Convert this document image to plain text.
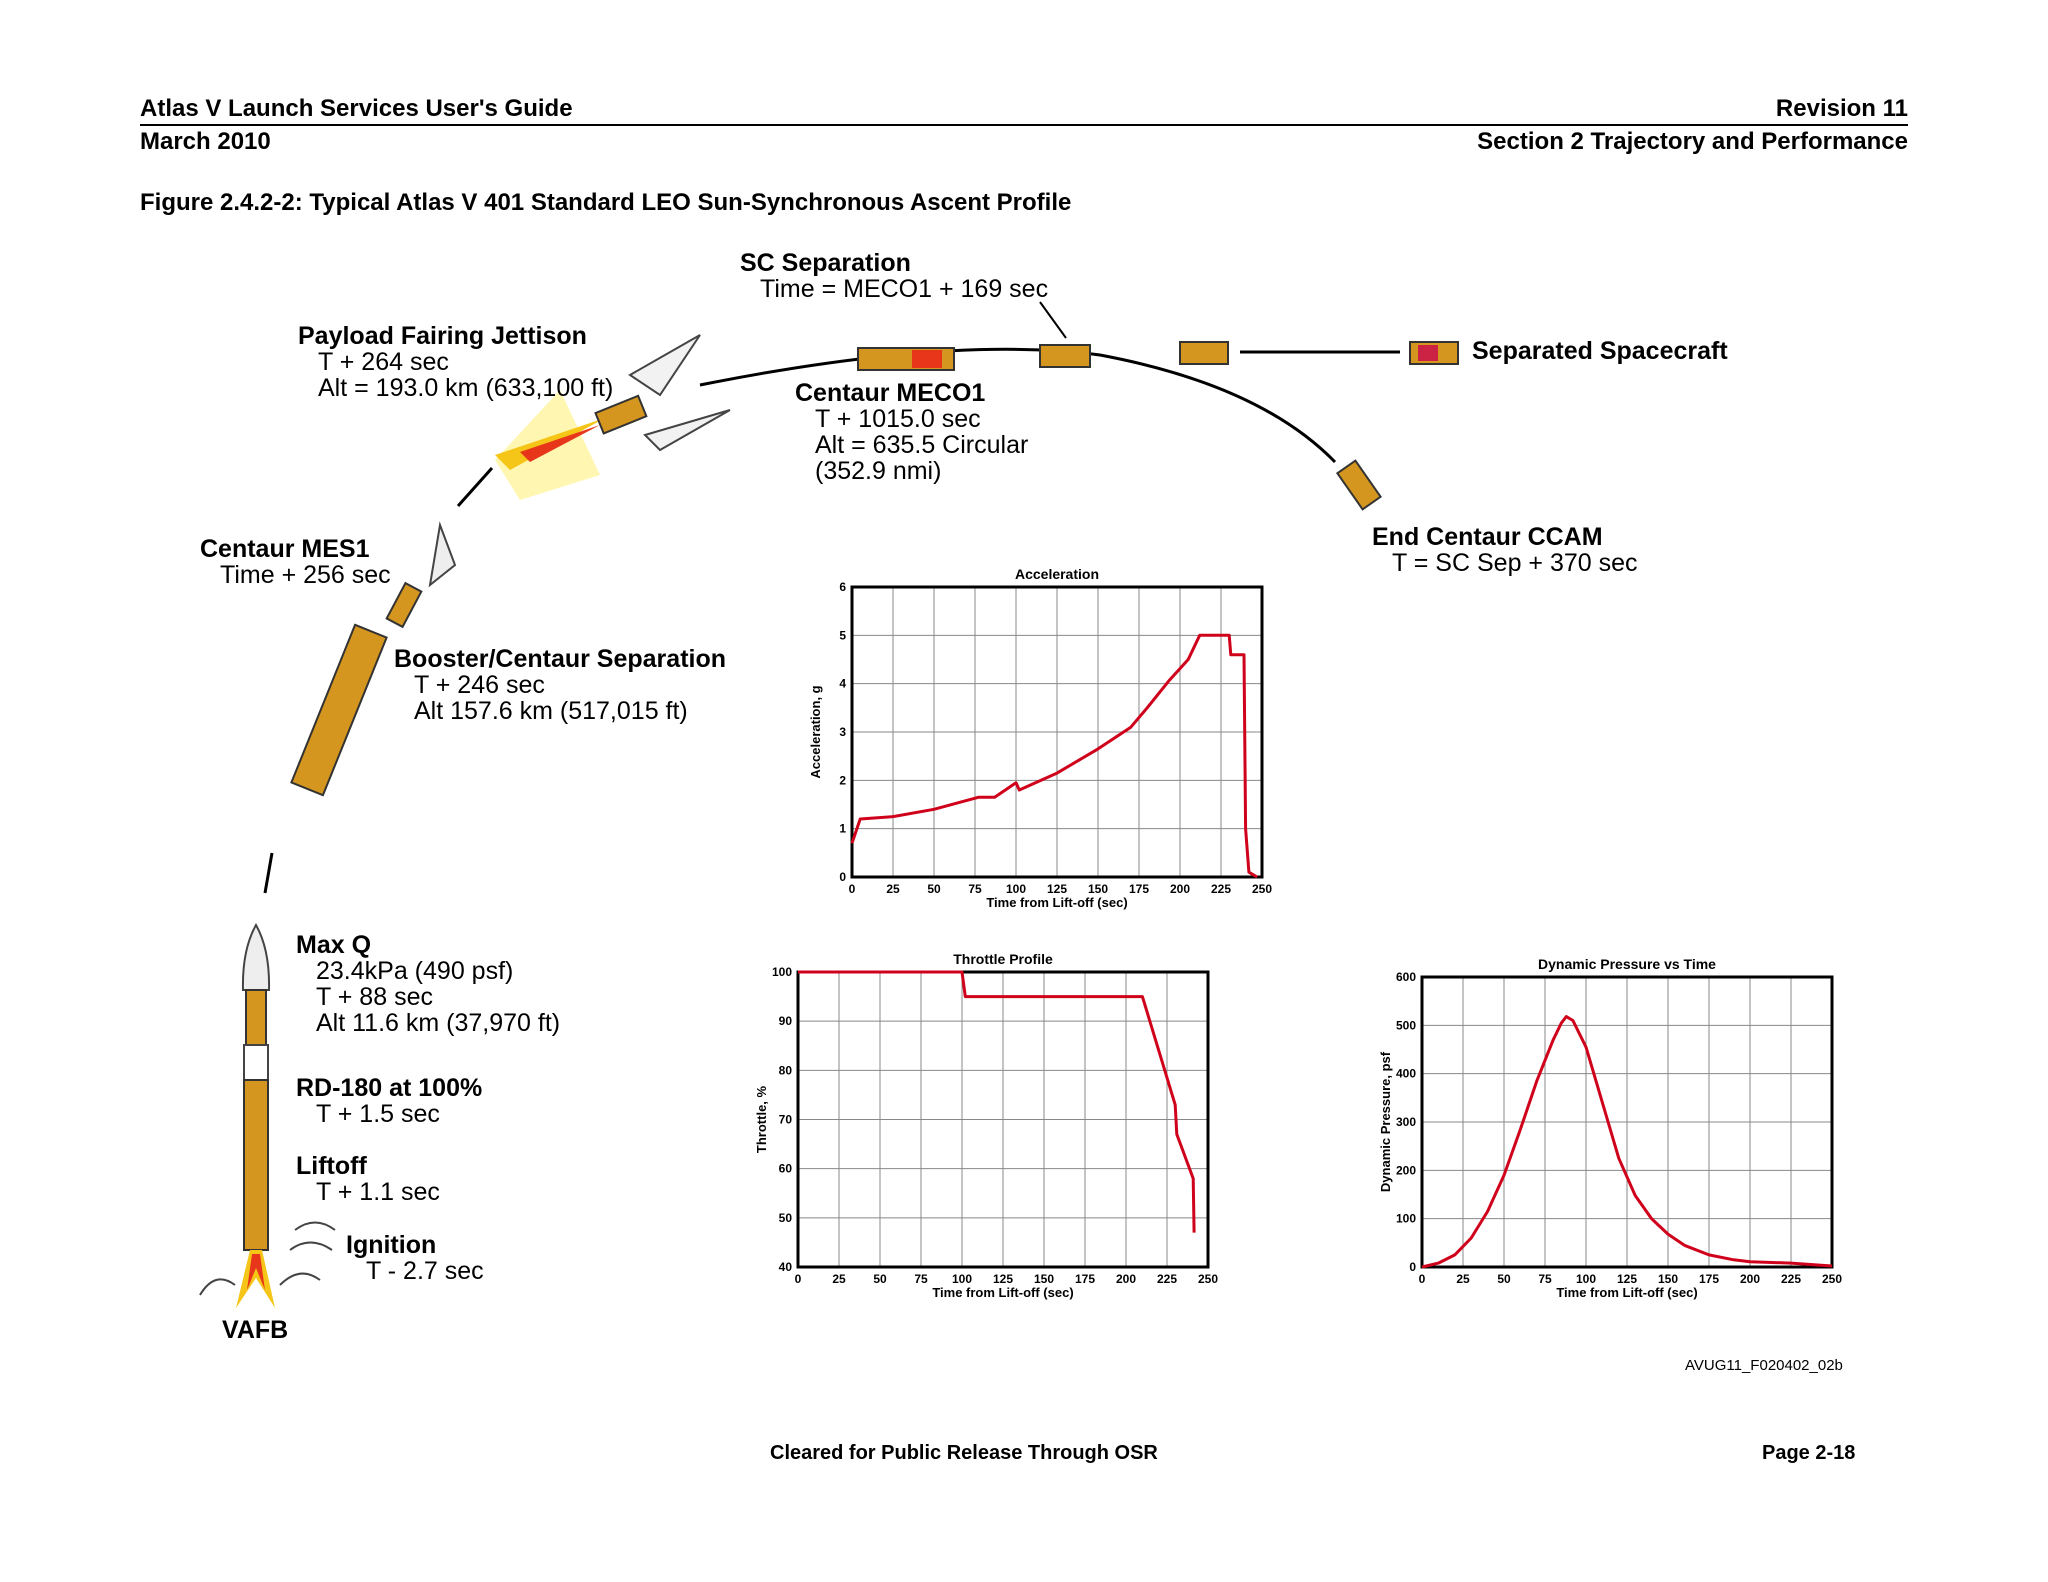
Atlas V Launch Services User's Guide	Revision 11
March 2010	Section 2 Trajectory and Performance
Figure 2.4.2-2: Typical Atlas V 401 Standard LEO Sun-Synchronous Ascent Profile
SC Separation
Time = MECO1 + 169 sec
Payload Fairing Jettison
T + 264 sec
Alt = 193.0 km (633,100 ft)	Centaur MECO1
T + 1015.0 sec
Alt = 635.5 Circular
(352.9 nmi)
Separated Spacecraft
End Centaur CCAM
T = SC Sep + 370 sec
Centaur MES1
Time + 256 sec
Booster/Centaur Separation
T + 246 sec
Alt 157.6 km (517,015 ft)
Max Q
23.4kPa (490 psf)
T + 88 sec
Alt 11.6 km (37,970 ft)
RD-180 at 100%
T + 1.5 sec
Liftoff
T + 1.1 sec
Ignition
T - 2.7 sec
VAFB
Acceleration
0	25 50 75 100 125 150 175 200 225 250
0
1
2
3
4
5
6
Time from Lift-off (sec)
Acceleration, g
Throttle Profile
0	25 50 75 100 125 150 175 200 225 250
40
50
60
70
80
90
100
Time from Lift-off (sec)
Throttle, %
Dynamic Pressure vs Time
0	25 50 75 100 125 150 175 200 225 250
0
100
200
300
400
500
600
Time from Lift-off (sec)
Dynamic Pressure, psf
AVUG11_F020402_02b
Cleared for Public Release Through OSR	Page 2-18
